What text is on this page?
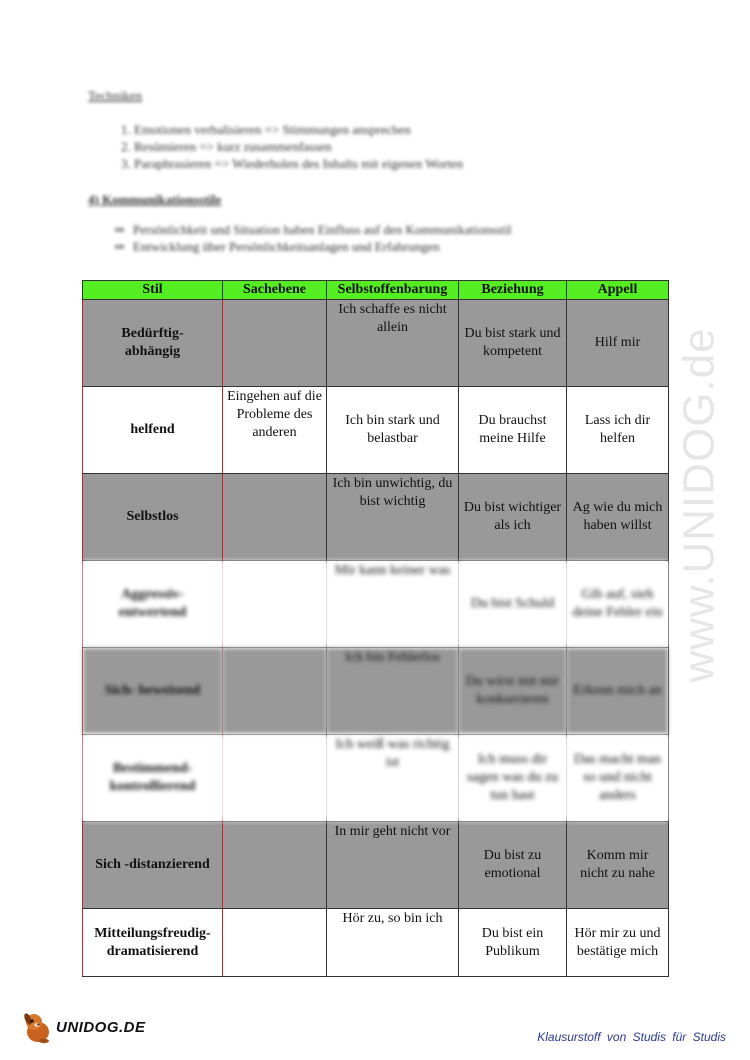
Techniken
1. Emotionen verbalisieren => Stimmungen ansprechen
2. Resümieren => kurz zusammenfassen
3. Paraphrasieren => Wiederholen des Inhalts mit eigenen Worten
4) Kommunikationsstile
⇒ Persönlichkeit und Situation haben Einfluss auf den Kommunikationsstil
⇒ Entwicklung über Persönlichkeitsanlagen und Erfahrungen
www.UNIDOG.de
Stil	Sachebene	Selbstoffenbarung	Beziehung	Appell
Bedürftig-
abhängig		Ich schaffe es nicht allein	Du bist stark und kompetent	Hilf mir
helfend	Eingehen auf die Probleme des anderen	Ich bin stark und belastbar	Du brauchst meine Hilfe	Lass ich dir helfen
Selbstlos		Ich bin unwichtig, du bist wichtig	Du bist wichtiger als ich	Ag wie du mich haben willst
Aggressiv-
entwertend		Mir kann keiner was	Du bist Schuld	Gib auf, sieh deine Fehler ein
Sich- beweisend		Ich bin Fehlerlos	Du wirst mit mir konkurrieren	Erkenn mich an
Bestimmend-
kontrollierend		Ich weiß was richtig ist	Ich muss dir sagen was du zu tun hast	Das macht man so und nicht anders
Sich -distanzierend		In mir geht nicht vor	Du bist zu emotional	Komm mir nicht zu nahe
Mitteilungsfreudig-
dramatisierend		Hör zu, so bin ich	Du bist ein Publikum	Hör mir zu und bestätige mich
UNIDOG.DE
Klausurstoff von Studis für Studis
